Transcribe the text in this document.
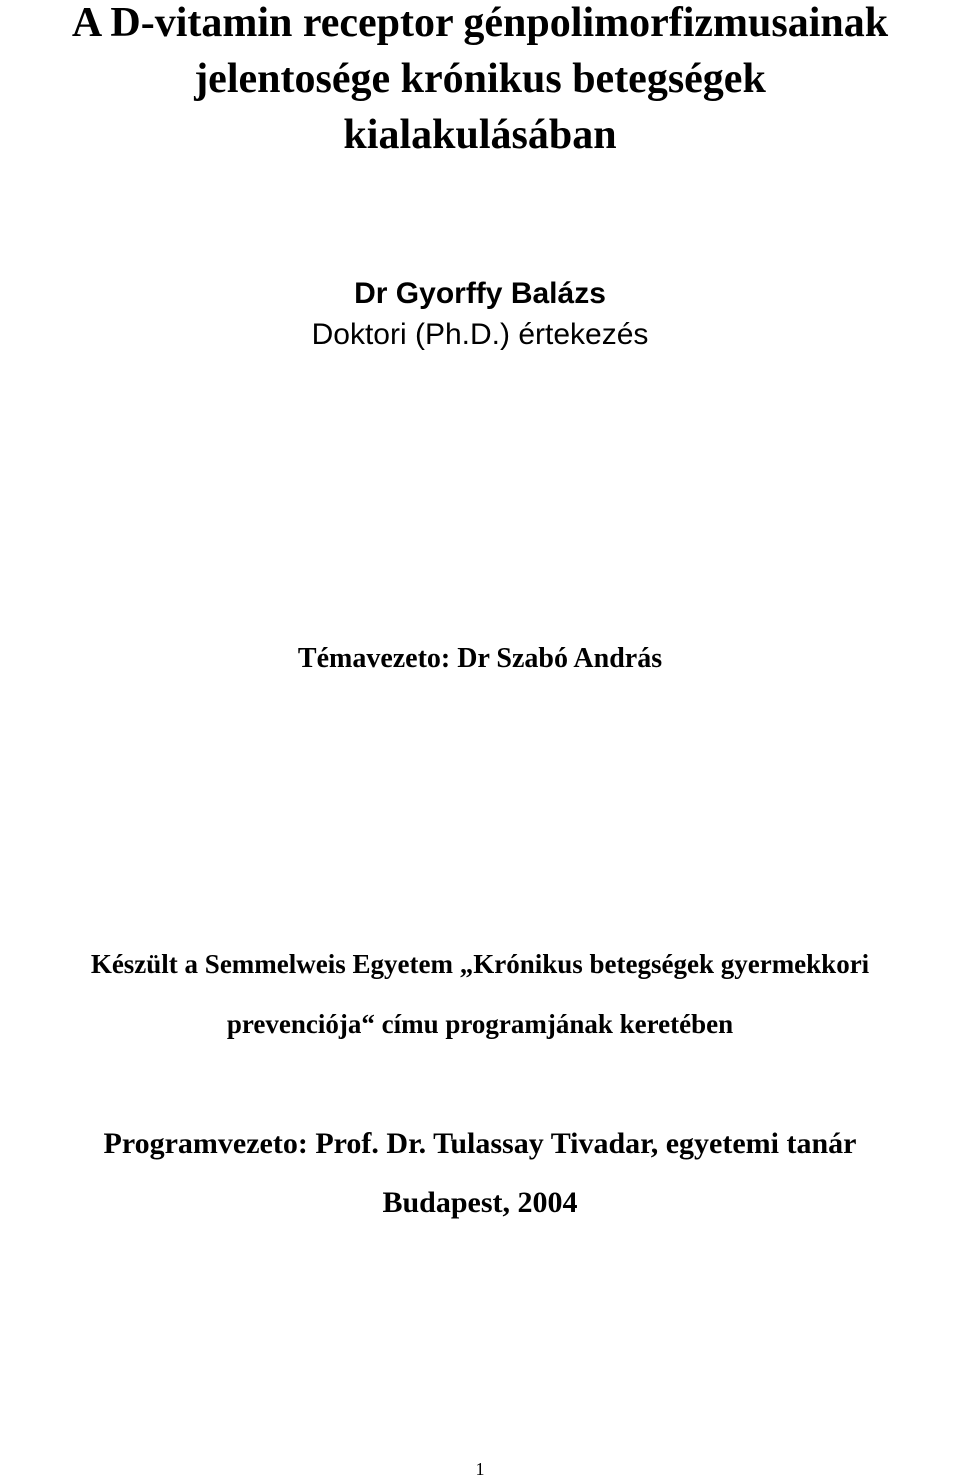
A D-vitamin receptor génpolimorfizmusainak
jelentosége krónikus betegségek
kialakulásában
Dr Gyorffy Balázs
Doktori (Ph.D.) értekezés
Témavezeto: Dr Szabó András
Készült a Semmelweis Egyetem „Krónikus betegségek gyermekkori
prevenciója“ címu programjának keretében
Programvezeto: Prof. Dr. Tulassay Tivadar, egyetemi tanár
Budapest, 2004
1
